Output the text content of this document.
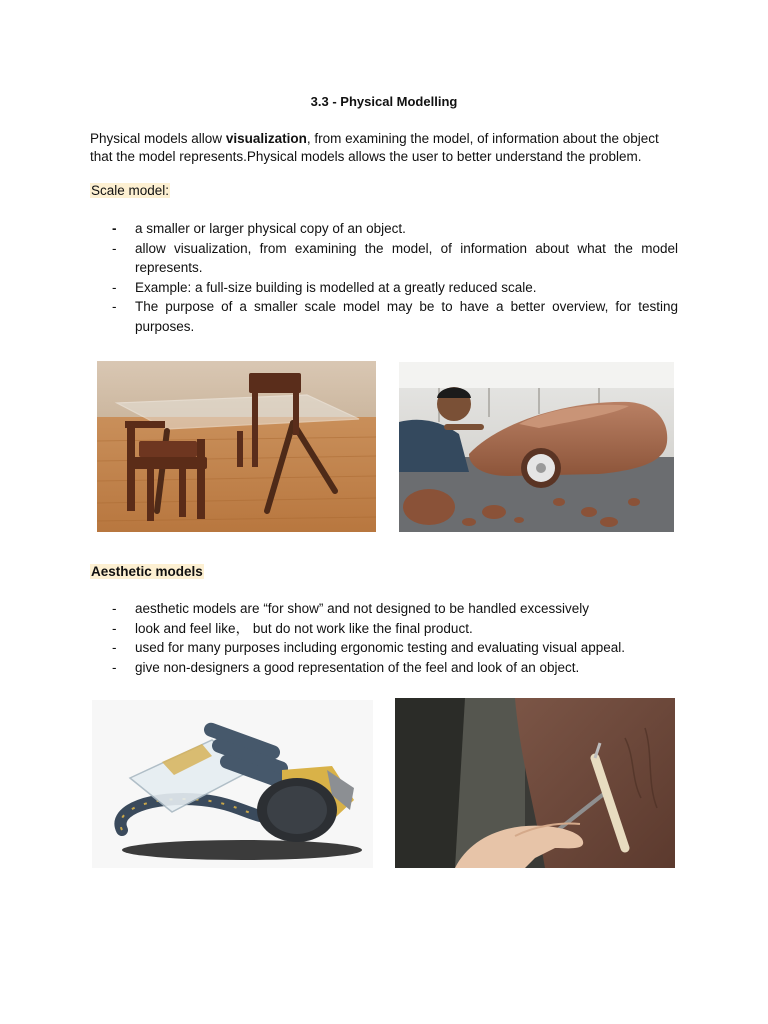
3.3 - Physical Modelling
Physical models allow visualization, from examining the model, of information about the object that the model represents.Physical models allows the user to better understand the problem.
Scale model:
- a smaller or larger physical copy of an object.
- allow visualization, from examining the model, of information about what the model represents.
- Example: a full-size building is modelled at a greatly reduced scale.
- The purpose of a smaller scale model may be to have a better overview, for testing purposes.
Aesthetic models
- aesthetic models are “for show” and not designed to be handled excessively
- look and feel like， but do not work like the final product.
- used for many purposes including ergonomic testing and evaluating visual appeal.
- give non-designers a good representation of the feel and look of an object.
